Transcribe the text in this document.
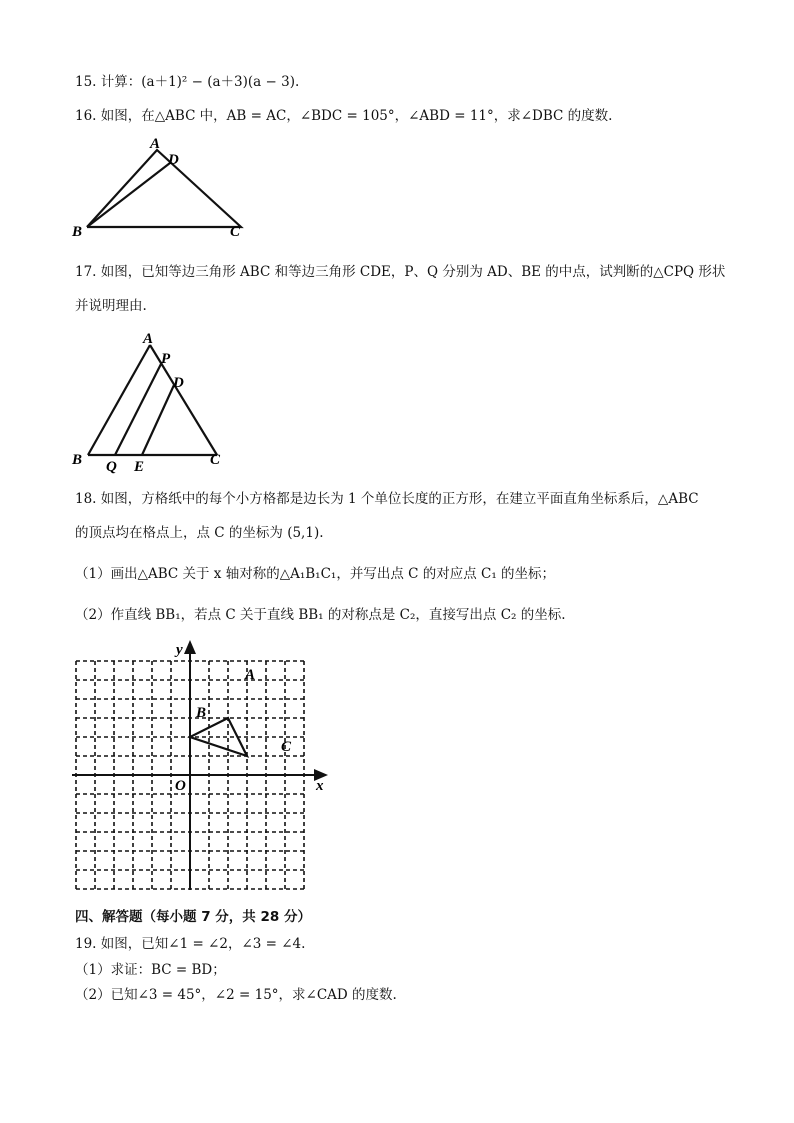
15. 计算：(a＋1)² − (a＋3)(a − 3).
16. 如图，在△ABC 中，AB = AC，∠BDC = 105°，∠ABD = 11°，求∠DBC 的度数.
A
D
B	C
17. 如图，已知等边三角形 ABC 和等边三角形 CDE，P、Q 分别为 AD、BE 的中点，试判断的△CPQ 形状
并说明理由.
A
P
D
B Q E	C
18. 如图，方格纸中的每个小方格都是边长为 1 个单位长度的正方形，在建立平面直角坐标系后，△ABC
的顶点均在格点上，点 C 的坐标为 (5,1).
（1）画出△ABC 关于 x 轴对称的△A₁B₁C₁，并写出点 C 的对应点 C₁ 的坐标；
（2）作直线 BB₁，若点 C 关于直线 BB₁ 的对称点是 C₂，直接写出点 C₂ 的坐标.
y
x
O
A
B
C
四、解答题（每小题 7 分，共 28 分）
19. 如图，已知∠1 = ∠2，∠3 = ∠4.
（1）求证：BC = BD；
（2）已知∠3 = 45°，∠2 = 15°，求∠CAD 的度数.
